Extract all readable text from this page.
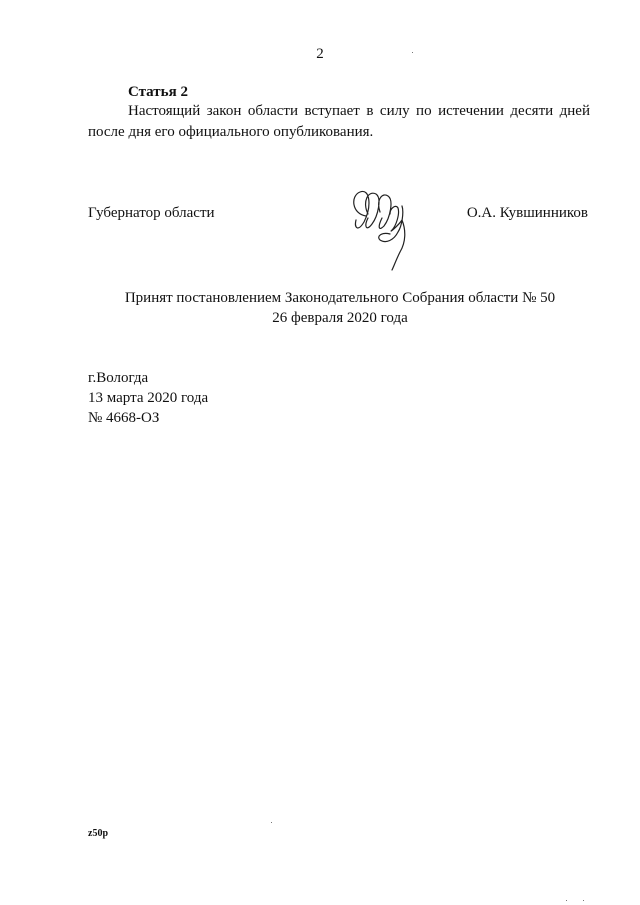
2
Статья 2

Настоящий закон области вступает в силу по истечении десяти дней после дня его официального опубликования.

Губернатор области	О.А. Кувшинников
Принят постановлением Законодательного Собрания области № 50
26 февраля 2020 года
г.Вологда
13 марта 2020 года
№ 4668-ОЗ
z50p
